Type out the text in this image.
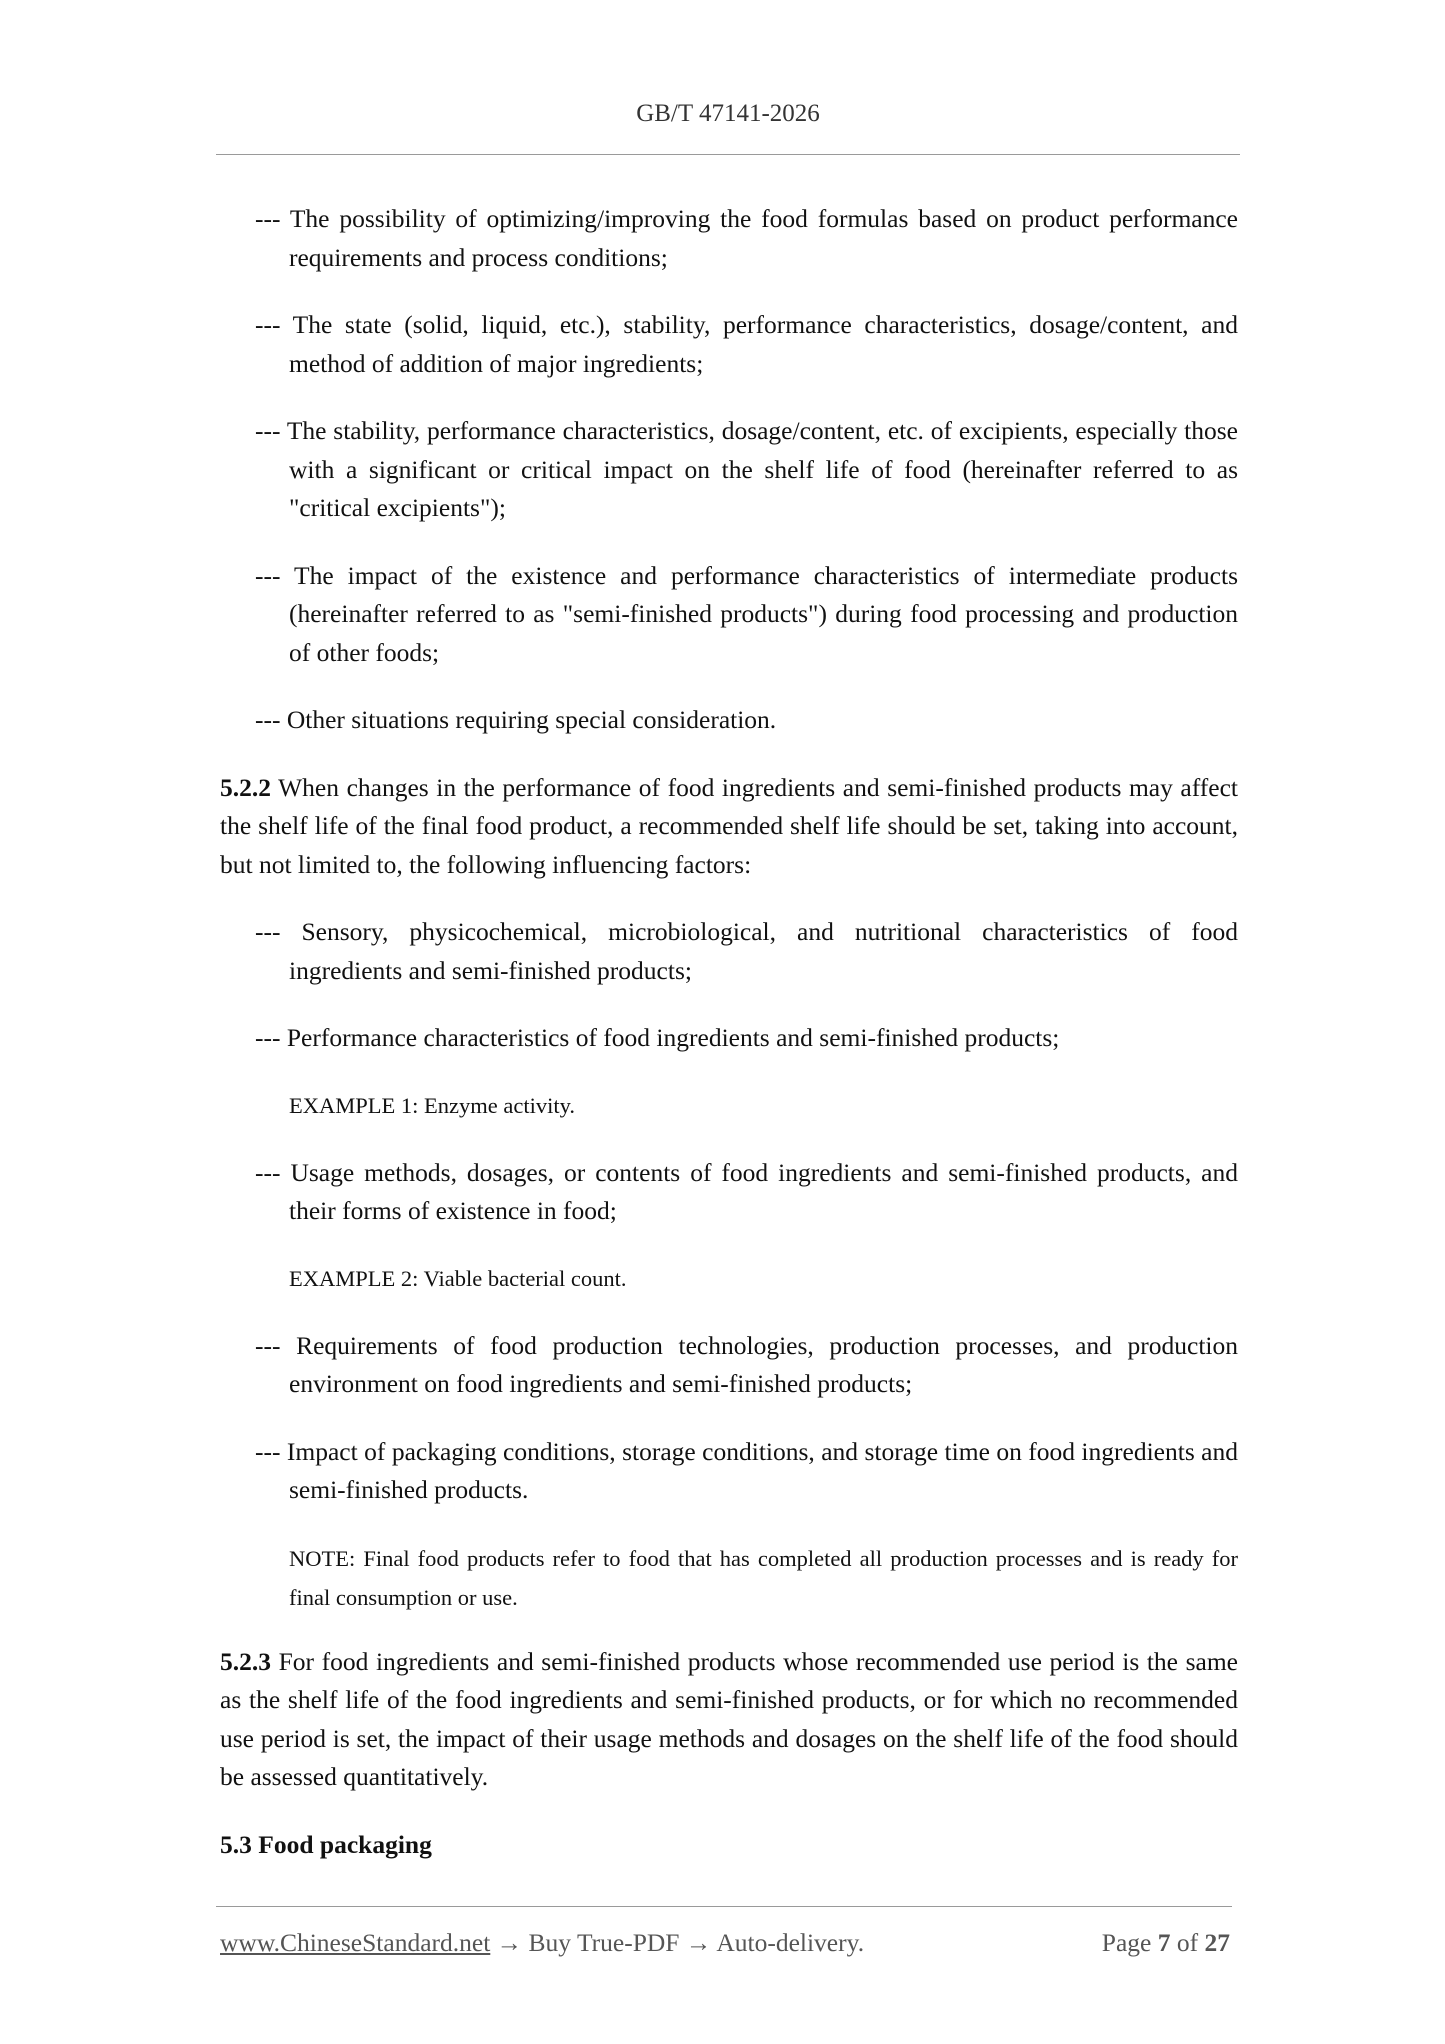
GB/T 47141-2026

--- The possibility of optimizing/improving the food formulas based on product performance requirements and process conditions;

--- The state (solid, liquid, etc.), stability, performance characteristics, dosage/content, and method of addition of major ingredients;

--- The stability, performance characteristics, dosage/content, etc. of excipients, especially those with a significant or critical impact on the shelf life of food (hereinafter referred to as "critical excipients");

--- The impact of the existence and performance characteristics of intermediate products (hereinafter referred to as "semi-finished products") during food processing and production of other foods;

--- Other situations requiring special consideration.

5.2.2 When changes in the performance of food ingredients and semi-finished products may affect the shelf life of the final food product, a recommended shelf life should be set, taking into account, but not limited to, the following influencing factors:

--- Sensory, physicochemical, microbiological, and nutritional characteristics of food ingredients and semi-finished products;

--- Performance characteristics of food ingredients and semi-finished products;

EXAMPLE 1: Enzyme activity.

--- Usage methods, dosages, or contents of food ingredients and semi-finished products, and their forms of existence in food;

EXAMPLE 2: Viable bacterial count.

--- Requirements of food production technologies, production processes, and production environment on food ingredients and semi-finished products;

--- Impact of packaging conditions, storage conditions, and storage time on food ingredients and semi-finished products.

NOTE: Final food products refer to food that has completed all production processes and is ready for final consumption or use.

5.2.3 For food ingredients and semi-finished products whose recommended use period is the same as the shelf life of the food ingredients and semi-finished products, or for which no recommended use period is set, the impact of their usage methods and dosages on the shelf life of the food should be assessed quantitatively.

5.3 Food packaging

www.ChineseStandard.net → Buy True-PDF → Auto-delivery.	Page 7 of 27
